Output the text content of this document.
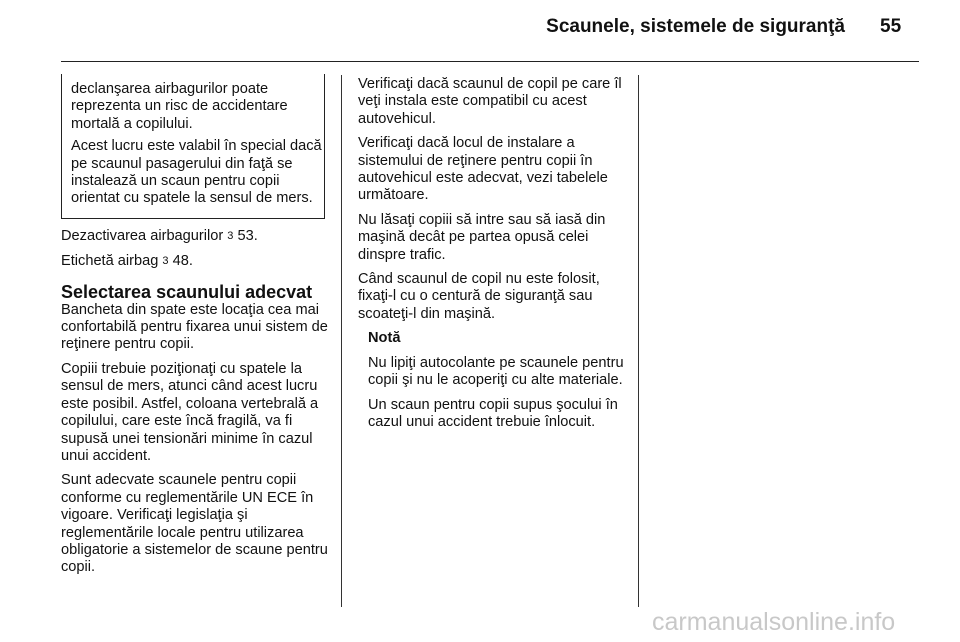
Scaunele, sistemele de siguranţă 55

declanşarea airbagurilor poate reprezenta un risc de accidentare mortală a copilului.

Acest lucru este valabil în special dacă pe scaunul pasagerului din faţă se instalează un scaun pentru copii orientat cu spatele la sensul de mers.

Dezactivarea airbagurilor 3 53.

Etichetă airbag 3 48.

Selectarea scaunului adecvat

Bancheta din spate este locaţia cea mai confortabilă pentru fixarea unui sistem de reţinere pentru copii.

Copiii trebuie poziţionaţi cu spatele la sensul de mers, atunci când acest lucru este posibil. Astfel, coloana vertebrală a copilului, care este încă fragilă, va fi supusă unei tensionări minime în cazul unui accident.

Sunt adecvate scaunele pentru copii conforme cu reglementările UN ECE în vigoare. Verificaţi legislaţia şi reglementările locale pentru utilizarea obligatorie a sistemelor de scaune pentru copii.

Verificaţi dacă scaunul de copil pe care îl veţi instala este compatibil cu acest autovehicul.

Verificaţi dacă locul de instalare a sistemului de reţinere pentru copii în autovehicul este adecvat, vezi tabelele următoare.

Nu lăsaţi copiii să intre sau să iasă din maşină decât pe partea opusă celei dinspre trafic.

Când scaunul de copil nu este folosit, fixaţi-l cu o centură de siguranţă sau scoateţi-l din maşină.

Notă

Nu lipiţi autocolante pe scaunele pentru copii şi nu le acoperiţi cu alte materiale.

Un scaun pentru copii supus şocului în cazul unui accident trebuie înlocuit.

carmanualsonline.info
